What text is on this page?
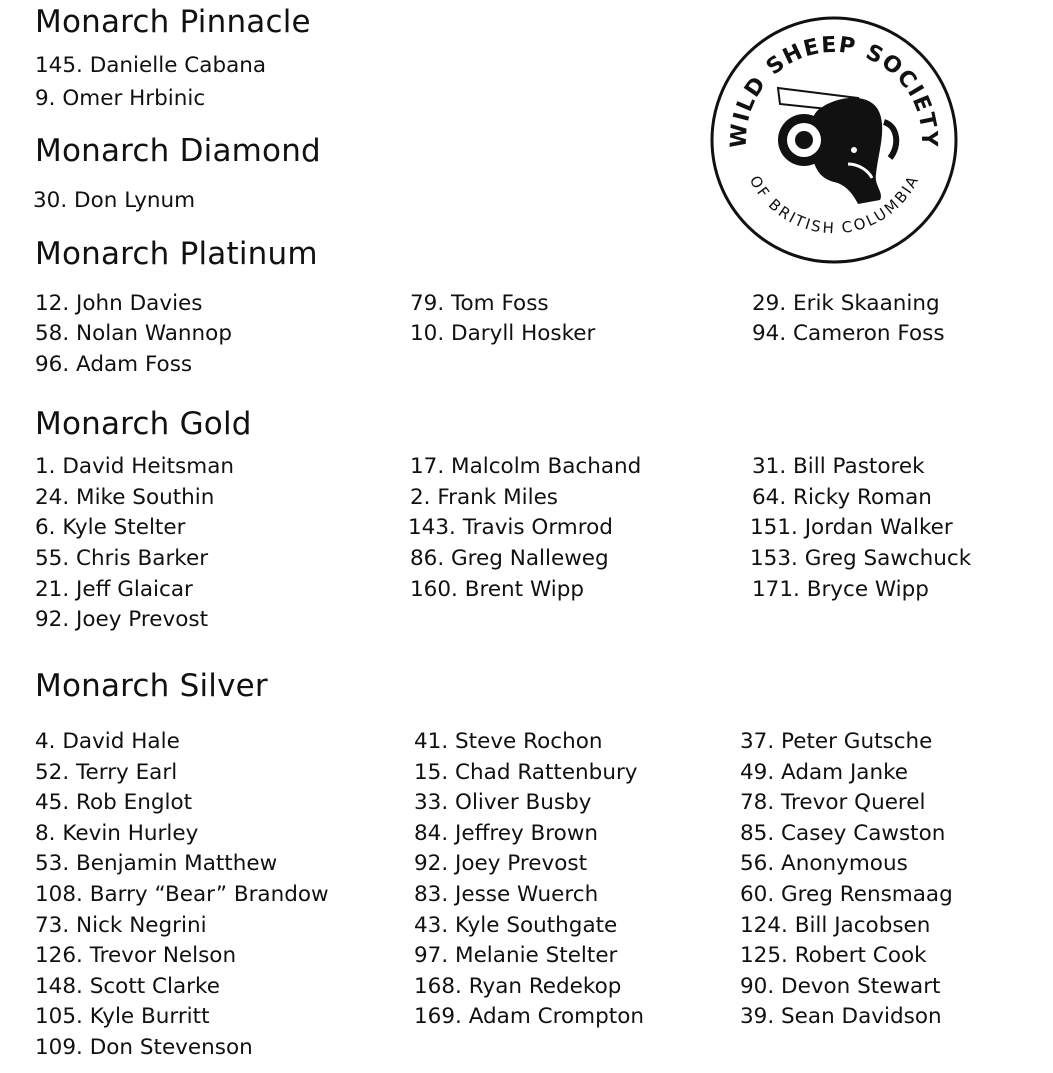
WILD SHEEP SOCIETY
OF BRITISH COLUMBIA
Monarch Pinnacle
145. Danielle Cabana
9. Omer Hrbinic
Monarch Diamond
30. Don Lynum
Monarch Platinum
12. John Davies
58. Nolan Wannop
96. Adam Foss
79. Tom Foss
10. Daryll Hosker
29. Erik Skaaning
94. Cameron Foss
Monarch Gold
1. David Heitsman
24. Mike Southin
6. Kyle Stelter
55. Chris Barker
21. Jeff Glaicar
92. Joey Prevost
17. Malcolm Bachand
2. Frank Miles
143. Travis Ormrod
86. Greg Nalleweg
160. Brent Wipp
31. Bill Pastorek
64. Ricky Roman
151. Jordan Walker
153. Greg Sawchuck
171. Bryce Wipp
Monarch Silver
4. David Hale
52. Terry Earl
45. Rob Englot
8. Kevin Hurley
53. Benjamin Matthew
108. Barry “Bear” Brandow
73. Nick Negrini
126. Trevor Nelson
148. Scott Clarke
105. Kyle Burritt
109. Don Stevenson
41. Steve Rochon
15. Chad Rattenbury
33. Oliver Busby
84. Jeffrey Brown
92. Joey Prevost
83. Jesse Wuerch
43. Kyle Southgate
97. Melanie Stelter
168. Ryan Redekop
169. Adam Crompton
37. Peter Gutsche
49. Adam Janke
78. Trevor Querel
85. Casey Cawston
56. Anonymous
60. Greg Rensmaag
124. Bill Jacobsen
125. Robert Cook
90. Devon Stewart
39. Sean Davidson
